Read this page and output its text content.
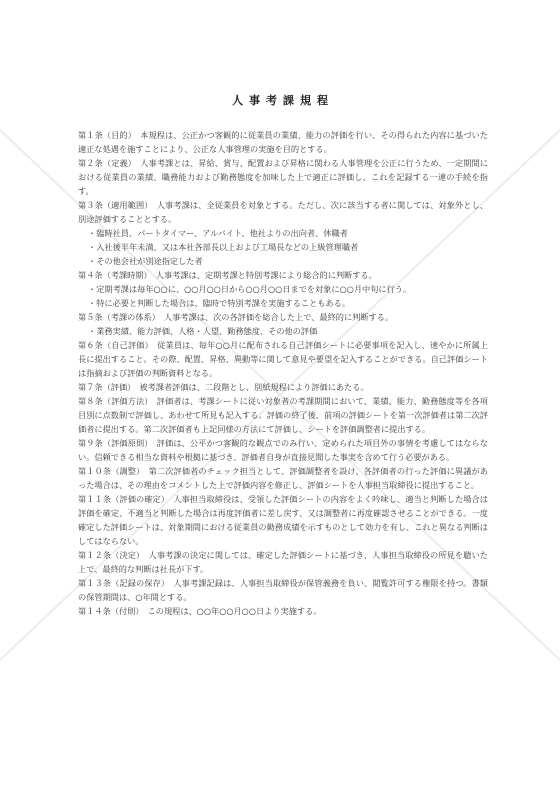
人事考課規程
第１条（目的）　 本規程は、公正かつ客観的に従業員の業績、能力の評価を行い、その得られた内容に基づいた適正な処遇を施すことにより、公正な人事管理の実施を目的とする。
第２条（定義）　 人事考課とは、昇給、賞与、配置および昇格に関わる人事管理を公正に行うため、一定期間における従業員の業績、職務能力および勤務態度を加味した上で適正に評価し、これを記録する一連の手続を指す。
第３条（適用範囲）　 人事考課は、全従業員を対象とする。ただし、次に該当する者に関しては、対象外とし、別途評価することとする。
・臨時社員、パートタイマー、アルバイト、他社よりの出向者、休職者
・入社後半年未満、又は本社各部長以上および工場長などの上級管理職者
・その他会社が別途指定した者
第４条（考課時期）　 人事考課は、定期考課と特別考課により総合的に判断する。
・定期考課は毎年○○に、○○月○○日から○○月○○日までを対象に○○月中旬に行う。
・特に必要と判断した場合は、臨時で特別考課を実施することもある。
第５条（考課の体系）　 人事考課は、次の各評価を総合した上で、最終的に判断する。
・業務実績、能力評価、人格・人望、勤務態度、その他の評価
第６条（自己評価）　 従業員は、毎年○○月に配布される自己評価シートに必要事項を記入し、速やかに所属上長に提出すること。その際、配置、昇格、異動等に関して意見や要望を記入することができる。自己評価シートは指摘および評価の判断資料となる。
第７条（評価）　 被考課者評価は、二段階とし、別紙規程により評価にあたる。
第８条（評価方法）　 評価者は、考課シートに従い対象者の考課期間において、業績、能力、勤務態度等を各項目別に点数制で評価し、あわせて所見も記入する。評価の終了後、前項の評価シートを第一次評価者は第二次評価者に提出する。第二次評価者も上記同様の方法にて評価し、シートを評価調整者に提出する。
第９条（評価原則）　 評価は、公平かつ客観的な観点でのみ行い、定められた項目外の事情を考慮してはならない。信頼できる相当な資料や根拠に基づき、評価者自身が直接見聞した事実を含めて行う必要がある。
第１０条（調整）　 第二次評価者のチェック担当として、評価調整者を設け、各評価者の行った評価に異議があった場合は、その理由をコメントした上で評価内容を修正し、評価シートを人事担当取締役に提出すること。
第１１条（評価の確定）　 人事担当取締役は、受領した評価シートの内容をよく吟味し、適当と判断した場合は評価を確定、不適当と判断した場合は再度評価者に差し戻す、又は調整者に再度確認させることができる。一度確定した評価シートは、対象期間における従業員の勤務成績を示すものとして効力を有し、これと異なる判断はしてはならない。
第１２条（決定）　 人事考課の決定に関しては、確定した評価シートに基づき、人事担当取締役の所見を聴いた上で、最終的な判断は社長が下す。
第１３条（記録の保存）　 人事考課記録は、人事担当取締役が保管義務を負い、閲覧許可する権限を持つ。書類の保管期間は、○年間とする。
第１４条（付則）　 この規程は、○○年○○月○○日より実施する。
